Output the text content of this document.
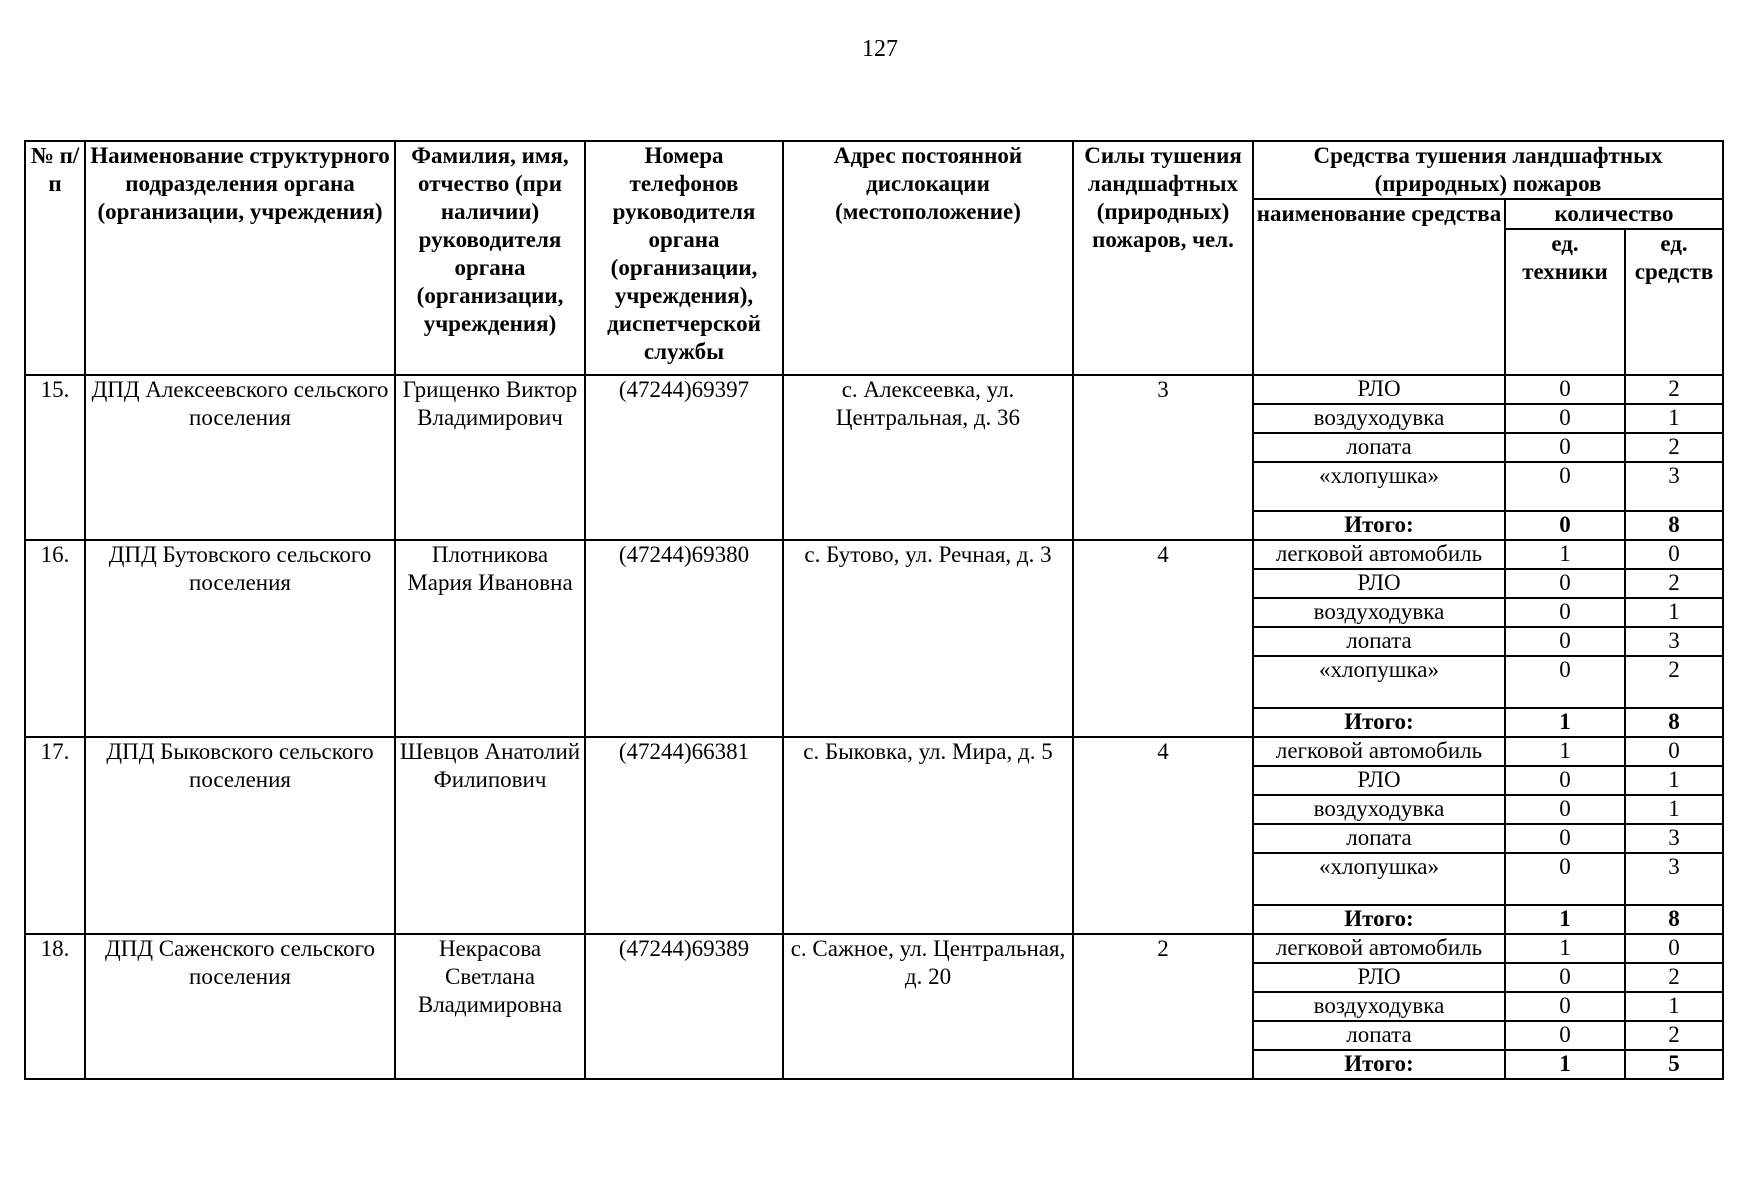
127
№ п/п	Наименование структурного подразделения органа (организации, учреждения)	Фамилия, имя, отчество (при наличии) руководителя органа (организации, учреждения)	Номера телефонов руководителя органа (организации, учреждения), диспетчерской службы	Адрес постоянной дислокации (местоположение)	Силы тушения ландшафтных (природных) пожаров, чел.	Средства тушения ландшафтных (природных) пожаров		
						наименование средства	количество	
							ед. техники	ед. средств
15.	ДПД Алексеевского сельского поселения	Грищенко Виктор Владимирович	(47244)69397	с. Алексеевка, ул. Центральная, д. 36	3	РЛО	0	2
						воздуходувка	0	1
						лопата	0	2
						«хлопушка»	0	3
						Итого:	0	8
16.	ДПД Бутовского сельского поселения	Плотникова Мария Ивановна	(47244)69380	с. Бутово, ул. Речная, д. 3	4	легковой автомобиль	1	0
						РЛО	0	2
						воздуходувка	0	1
						лопата	0	3
						«хлопушка»	0	2
						Итого:	1	8
17.	ДПД Быковского сельского поселения	Шевцов Анатолий Филипович	(47244)66381	с. Быковка, ул. Мира, д. 5	4	легковой автомобиль	1	0
						РЛО	0	1
						воздуходувка	0	1
						лопата	0	3
						«хлопушка»	0	3
						Итого:	1	8
18.	ДПД Саженского сельского поселения	Некрасова Светлана Владимировна	(47244)69389	с. Сажное, ул. Центральная, д. 20	2	легковой автомобиль	1	0
						РЛО	0	2
						воздуходувка	0	1
						лопата	0	2
						Итого:	1	5
